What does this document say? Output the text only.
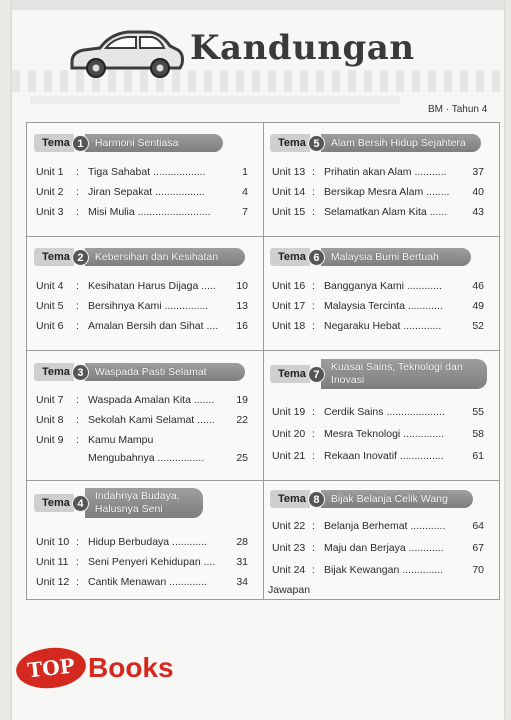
Kandungan
BM · Tahun 4
Tema 1	Harmoni Sentiasa
Unit 1	: Tiga Sahabat ..................	1
Unit 2	: Jiran Sepakat .................	4
Unit 3	: Misi Mulia .........................	7
Tema 2	Kebersihan dan Kesihatan
Unit 4	: Kesihatan Harus Dijaga .....	10
Unit 5	: Bersihnya Kami ...............	13
Unit 6	: Amalan Bersih dan Sihat ....	16
Tema 3	Waspada Pasti Selamat
Unit 7	: Waspada Amalan Kita .......	19
Unit 8	: Sekolah Kami Selamat ......	22
Unit 9	: Kamu Mampu
Mengubahnya ................	25
Tema 4
Indahnya Budaya, Halusnya Seni
Unit 10 : Hidup Berbudaya ............	28
Unit 11 : Seni Penyeri Kehidupan ....	31
Unit 12 : Cantik Menawan .............	34
Tema 5	Alam Bersih Hidup Sejahtera
Unit 13 : Prihatin akan Alam ...........	37
Unit 14 : Bersikap Mesra Alam ........	40
Unit 15 : Selamatkan Alam Kita ......	43
Tema 6	Malaysia Bumi Bertuah
Unit 16 : Bangganya Kami ............	46
Unit 17 : Malaysia Tercinta ............	49
Unit 18 : Negaraku Hebat .............	52
Tema 7
Kuasai Sains, Teknologi dan Inovasi
Unit 19 : Cerdik Sains ....................	55
Unit 20 : Mesra Teknologi ..............	58
Unit 21 : Rekaan Inovatif ...............	61
Tema 8	Bijak Belanja Celik Wang
Unit 22 : Belanja Berhemat ............	64
Unit 23 : Maju dan Berjaya ............	67
Unit 24 : Bijak Kewangan ..............	70
Jawapan
TOP Books
